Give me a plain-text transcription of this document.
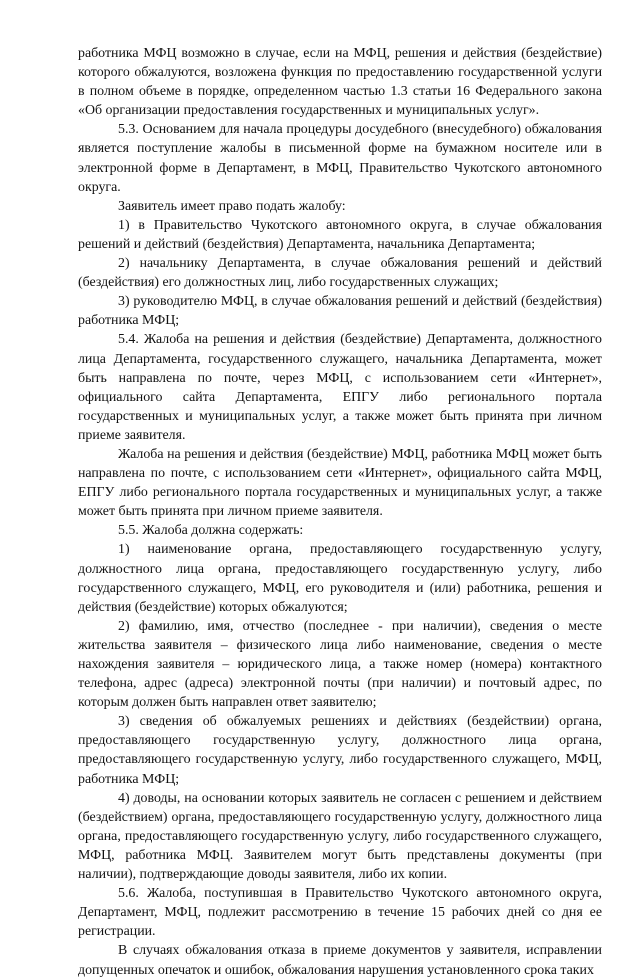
работника МФЦ возможно в случае, если на МФЦ, решения и действия (бездействие) которого обжалуются, возложена функция по предоставлению государственной услуги в полном объеме в порядке, определенном частью 1.3 статьи 16 Федерального закона «Об организации предоставления государственных и муниципальных услуг».

5.3. Основанием для начала процедуры досудебного (внесудебного) обжалования является поступление жалобы в письменной форме на бумажном носителе или в электронной форме в Департамент, в МФЦ, Правительство Чукотского автономного округа.

Заявитель имеет право подать жалобу:

1) в Правительство Чукотского автономного округа, в случае обжалования решений и действий (бездействия) Департамента, начальника Департамента;

2) начальнику Департамента, в случае обжалования решений и действий (бездействия) его должностных лиц, либо государственных служащих;

3) руководителю МФЦ, в случае обжалования решений и действий (бездействия) работника МФЦ;

5.4. Жалоба на решения и действия (бездействие) Департамента, должностного лица Департамента, государственного служащего, начальника Департамента, может быть направлена по почте, через МФЦ, с использованием сети «Интернет», официального сайта Департамента, ЕПГУ либо регионального портала государственных и муниципальных услуг, а также может быть принята при личном приеме заявителя.

Жалоба на решения и действия (бездействие) МФЦ, работника МФЦ может быть направлена по почте, с использованием сети «Интернет», официального сайта МФЦ, ЕПГУ либо регионального портала государственных и муниципальных услуг, а также может быть принята при личном приеме заявителя.

5.5. Жалоба должна содержать:

1) наименование органа, предоставляющего государственную услугу, должностного лица органа, предоставляющего государственную услугу, либо государственного служащего, МФЦ, его руководителя и (или) работника, решения и действия (бездействие) которых обжалуются;

2) фамилию, имя, отчество (последнее - при наличии), сведения о месте жительства заявителя – физического лица либо наименование, сведения о месте нахождения заявителя – юридического лица, а также номер (номера) контактного телефона, адрес (адреса) электронной почты (при наличии) и почтовый адрес, по которым должен быть направлен ответ заявителю;

3) сведения об обжалуемых решениях и действиях (бездействии) органа, предоставляющего государственную услугу, должностного лица органа, предоставляющего государственную услугу, либо государственного служащего, МФЦ, работника МФЦ;

4) доводы, на основании которых заявитель не согласен с решением и действием (бездействием) органа, предоставляющего государственную услугу, должностного лица органа, предоставляющего государственную услугу, либо государственного служащего, МФЦ, работника МФЦ. Заявителем могут быть представлены документы (при наличии), подтверждающие доводы заявителя, либо их копии.

5.6. Жалоба, поступившая в Правительство Чукотского автономного округа, Департамент, МФЦ, подлежит рассмотрению в течение 15 рабочих дней со дня ее регистрации.

В случаях обжалования отказа в приеме документов у заявителя, исправлении допущенных опечаток и ошибок, обжалования нарушения установленного срока таких
